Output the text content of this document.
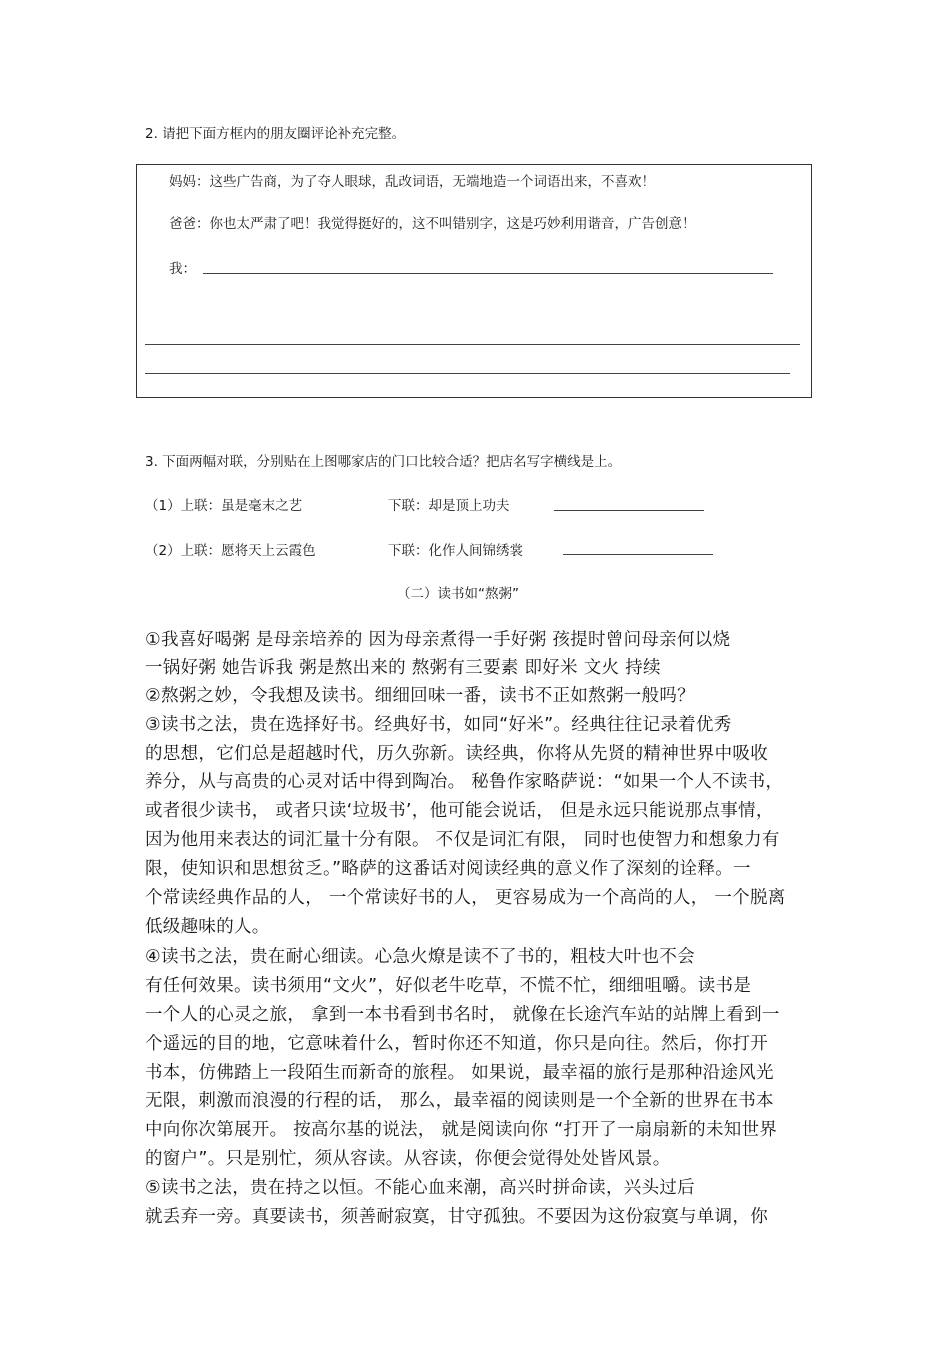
2. 请把下面方框内的朋友圈评论补充完整。
妈妈：这些广告商，为了夺人眼球，乱改词语，无端地造一个词语出来，不喜欢！
爸爸：你也太严肃了吧！我觉得挺好的，这不叫错别字，这是巧妙利用谐音，广告创意！
我：
3. 下面两幅对联，分别贴在上图哪家店的门口比较合适？把店名写字横线是上。
（1）上联：虽是毫末之艺	下联：却是顶上功夫
（2）上联：愿将天上云霞色	下联：化作人间锦绣裳
（二）读书如“熬粥”
①我喜好喝粥 是母亲培养的 因为母亲煮得一手好粥 孩提时曾问母亲何以烧
一锅好粥 她告诉我 粥是熬出来的 熬粥有三要素 即好米 文火 持续
②熬粥之妙，令我想及读书。细细回味一番，读书不正如熬粥一般吗？
③读书之法，贵在选择好书。经典好书，如同“好米”。经典往往记录着优秀
的思想，它们总是超越时代，历久弥新。读经典，你将从先贤的精神世界中吸收
养分，从与高贵的心灵对话中得到陶冶。 秘鲁作家略萨说：“如果一个人不读书，
或者很少读书， 或者只读‘垃圾书’，他可能会说话， 但是永远只能说那点事情，
因为他用来表达的词汇量十分有限。 不仅是词汇有限， 同时也使智力和想象力有
限，使知识和思想贫乏。”略萨的这番话对阅读经典的意义作了深刻的诠释。一
个常读经典作品的人， 一个常读好书的人， 更容易成为一个高尚的人， 一个脱离
低级趣味的人。
④读书之法，贵在耐心细读。心急火燎是读不了书的，粗枝大叶也不会
有任何效果。读书须用“文火”，好似老牛吃草，不慌不忙，细细咀嚼。读书是
一个人的心灵之旅， 拿到一本书看到书名时， 就像在长途汽车站的站牌上看到一
个遥远的目的地，它意味着什么，暂时你还不知道，你只是向往。然后，你打开
书本，仿佛踏上一段陌生而新奇的旅程。 如果说，最幸福的旅行是那种沿途风光
无限，刺激而浪漫的行程的话， 那么，最幸福的阅读则是一个全新的世界在书本
中向你次第展开。 按高尔基的说法， 就是阅读向你 “打开了一扇扇新的未知世界
的窗户”。只是别忙，须从容读。从容读，你便会觉得处处皆风景。
⑤读书之法，贵在持之以恒。不能心血来潮，高兴时拼命读，兴头过后
就丢弃一旁。真要读书，须善耐寂寞，甘守孤独。不要因为这份寂寞与单调，你
